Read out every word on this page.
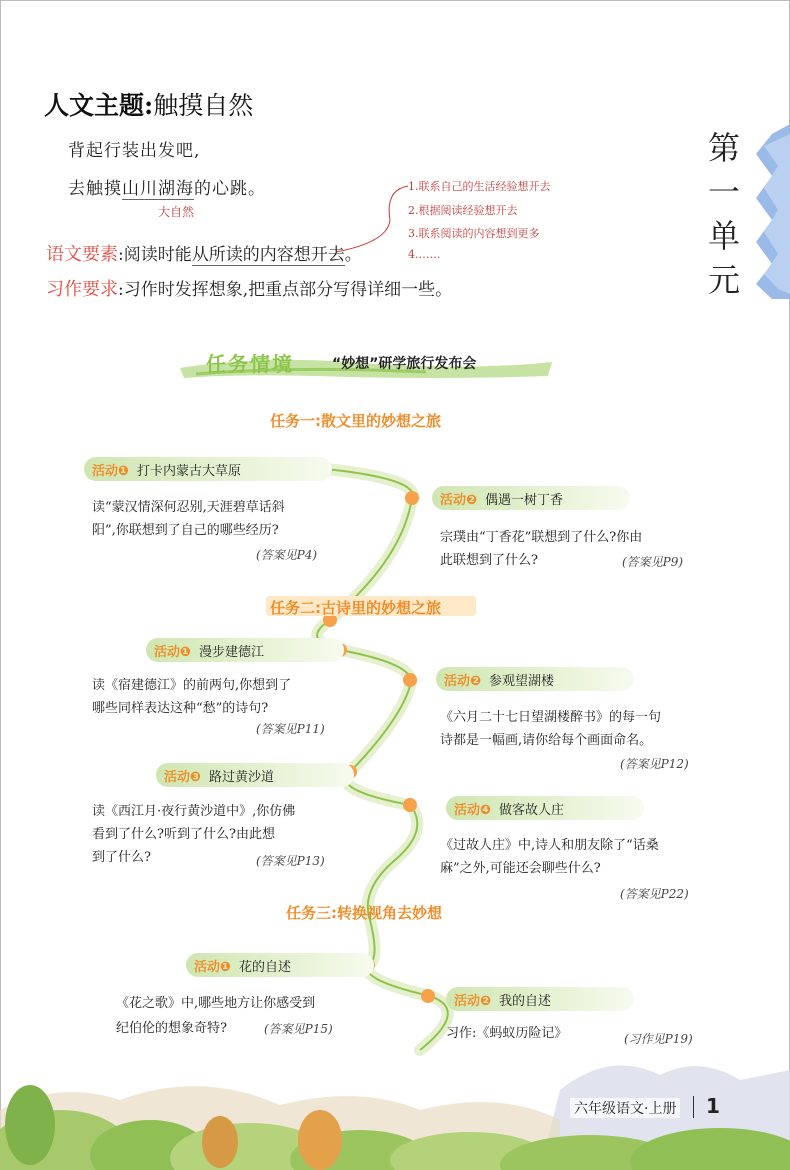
人文主题:触摸自然
背起行装出发吧,
去触摸山川湖海的心跳。
大自然
1.联系自己的生活经验想开去
2.根据阅读经验想开去
3.联系阅读的内容想到更多
4.……
语文要素:阅读时能从所读的内容想开去。
习作要求:习作时发挥想象,把重点部分写得详细一些。
第
一
单
元
任务情境	“妙想”研学旅行发布会
任务一:散文里的妙想之旅
任务二:古诗里的妙想之旅
任务三:转换视角去妙想
活动❶ 打卡内蒙古大草原
读“蒙汉情深何忍别,天涯碧草话斜
阳”,你联想到了自己的哪些经历?
(答案见P4)
活动❷ 偶遇一树丁香
宗璞由“丁香花”联想到了什么?你由
此联想到了什么?	(答案见P9)
活动❶ 漫步建德江
读《宿建德江》的前两句,你想到了
哪些同样表达这种“愁”的诗句?
(答案见P11)
活动❷ 参观望湖楼
《六月二十七日望湖楼醉书》的每一句
诗都是一幅画,请你给每个画面命名。
(答案见P12)
活动❸ 路过黄沙道
读《西江月·夜行黄沙道中》,你仿佛
看到了什么?听到了什么?由此想
到了什么?	(答案见P13)
活动❹ 做客故人庄
《过故人庄》中,诗人和朋友除了“话桑
麻”之外,可能还会聊些什么?
(答案见P22)
活动❶ 花的自述
《花之歌》中,哪些地方让你感受到
纪伯伦的想象奇特?	(答案见P15)
活动❷ 我的自述
习作:《蚂蚁历险记》	(习作见P19)
六年级语文·上册 1
